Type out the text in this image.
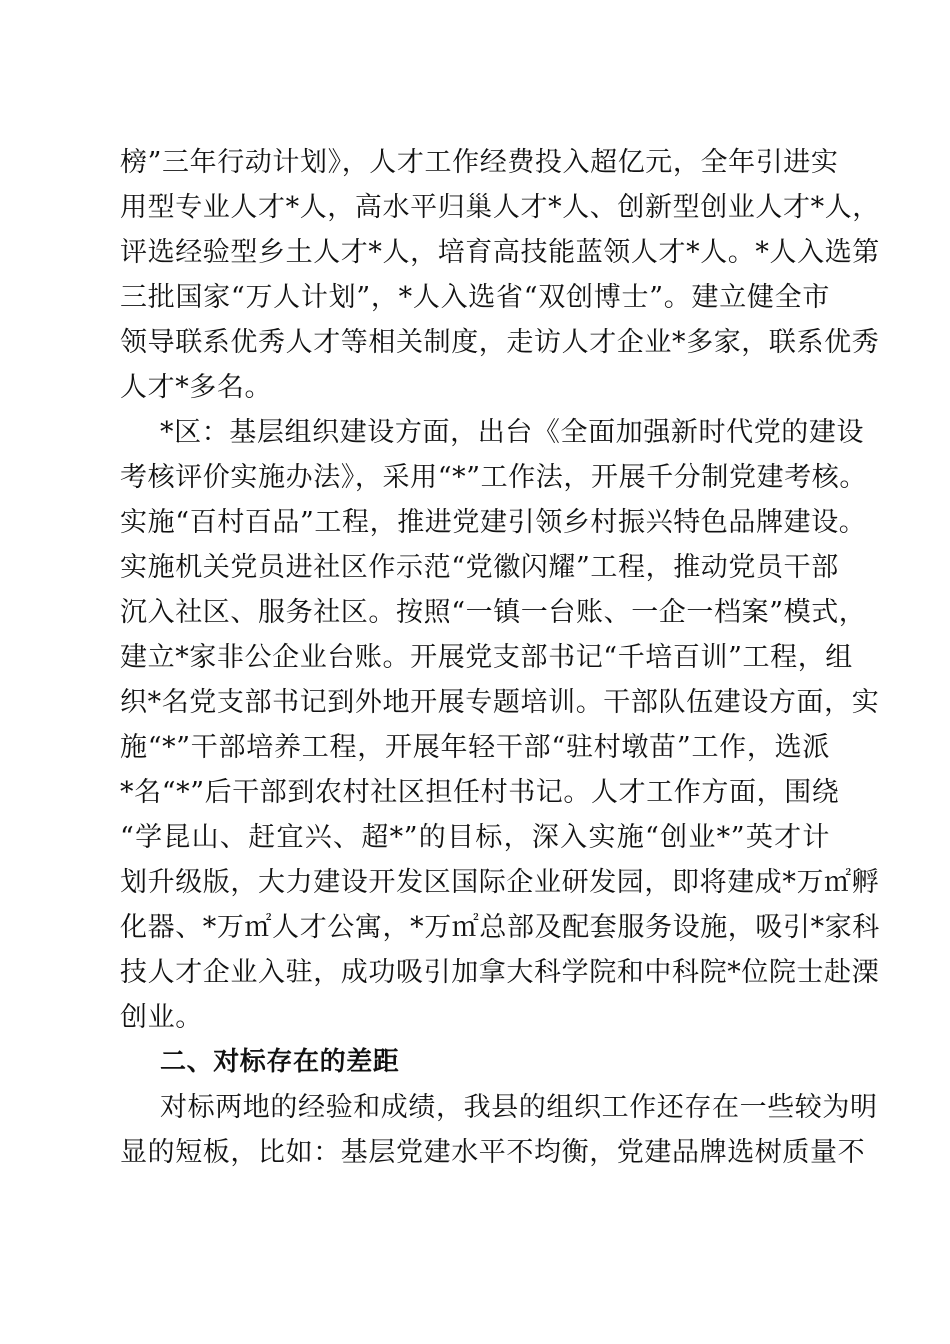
榜”三年行动计划》，人才工作经费投入超亿元，全年引进实
用型专业人才*人，高水平归巢人才*人、创新型创业人才*人，
评选经验型乡土人才*人，培育高技能蓝领人才*人。*人入选第
三批国家“万人计划”，*人入选省“双创博士”。建立健全市
领导联系优秀人才等相关制度，走访人才企业*多家，联系优秀
人才*多名。
*区：基层组织建设方面，出台《全面加强新时代党的建设
考核评价实施办法》，采用“*”工作法，开展千分制党建考核。
实施“百村百品”工程，推进党建引领乡村振兴特色品牌建设。
实施机关党员进社区作示范“党徽闪耀”工程，推动党员干部
沉入社区、服务社区。按照“一镇一台账、一企一档案”模式，
建立*家非公企业台账。开展党支部书记“千培百训”工程，组
织*名党支部书记到外地开展专题培训。干部队伍建设方面，实
施“*”干部培养工程，开展年轻干部“驻村墩苗”工作，选派
*名“*”后干部到农村社区担任村书记。人才工作方面，围绕
“学昆山、赶宜兴、超*”的目标，深入实施“创业*”英才计
划升级版，大力建设开发区国际企业研发园，即将建成*万㎡孵
化器、*万㎡人才公寓，*万㎡总部及配套服务设施，吸引*家科
技人才企业入驻，成功吸引加拿大科学院和中科院*位院士赴溧
创业。
二、对标存在的差距
对标两地的经验和成绩，我县的组织工作还存在一些较为明
显的短板，比如：基层党建水平不均衡，党建品牌选树质量不
